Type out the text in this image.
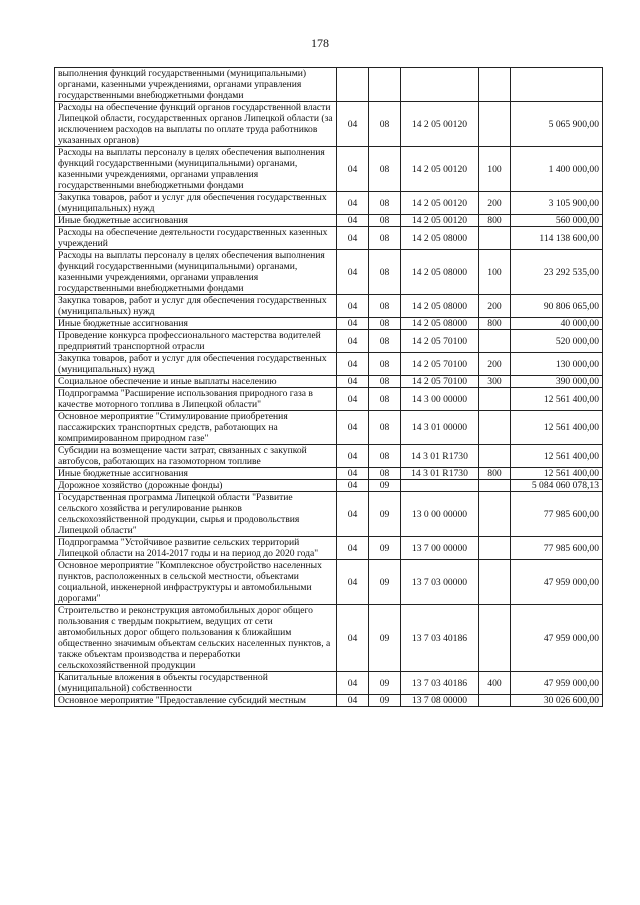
178
выполнения функций государственными (муниципальными) органами, казенными учреждениями, органами управления государственными внебюджетными фондами					
Расходы на обеспечение функций органов государственной власти Липецкой области, государственных органов Липецкой области (за исключением расходов на выплаты по оплате труда работников указанных органов)	04	08	14 2 05 00120		5 065 900,00
Расходы на выплаты персоналу в целях обеспечения выполнения функций государственными (муниципальными) органами, казенными учреждениями, органами управления государственными внебюджетными фондами	04	08	14 2 05 00120	100	1 400 000,00
Закупка товаров, работ и услуг для обеспечения государственных (муниципальных) нужд	04	08	14 2 05 00120	200	3 105 900,00
Иные бюджетные ассигнования	04	08	14 2 05 00120	800	560 000,00
Расходы на обеспечение деятельности государственных казенных учреждений	04	08	14 2 05 08000		114 138 600,00
Расходы на выплаты персоналу в целях обеспечения выполнения функций государственными (муниципальными) органами, казенными учреждениями, органами управления государственными внебюджетными фондами	04	08	14 2 05 08000	100	23 292 535,00
Закупка товаров, работ и услуг для обеспечения государственных (муниципальных) нужд	04	08	14 2 05 08000	200	90 806 065,00
Иные бюджетные ассигнования	04	08	14 2 05 08000	800	40 000,00
Проведение конкурса профессионального мастерства водителей предприятий транспортной отрасли	04	08	14 2 05 70100		520 000,00
Закупка товаров, работ и услуг для обеспечения государственных (муниципальных) нужд	04	08	14 2 05 70100	200	130 000,00
Социальное обеспечение и иные выплаты населению	04	08	14 2 05 70100	300	390 000,00
Подпрограмма "Расширение использования природного газа в качестве моторного топлива в Липецкой области"	04	08	14 3 00 00000		12 561 400,00
Основное мероприятие "Стимулирование приобретения пассажирских транспортных средств, работающих на компримированном природном газе"	04	08	14 3 01 00000		12 561 400,00
Субсидии на возмещение части затрат, связанных с закупкой автобусов, работающих на газомоторном топливе	04	08	14 3 01 R1730		12 561 400,00
Иные бюджетные ассигнования	04	08	14 3 01 R1730	800	12 561 400,00
Дорожное хозяйство (дорожные фонды)	04	09			5 084 060 078,13
Государственная программа Липецкой области "Развитие сельского хозяйства и регулирование рынков сельскохозяйственной продукции, сырья и продовольствия Липецкой области"	04	09	13 0 00 00000		77 985 600,00
Подпрограмма "Устойчивое развитие сельских территорий Липецкой области на 2014-2017 годы и на период до 2020 года"	04	09	13 7 00 00000		77 985 600,00
Основное мероприятие "Комплексное обустройство населенных пунктов, расположенных в сельской местности, объектами социальной, инженерной инфраструктуры и автомобильными дорогами"	04	09	13 7 03 00000		47 959 000,00
Строительство и реконструкция автомобильных дорог общего пользования с твердым покрытием, ведущих от сети автомобильных дорог общего пользования к ближайшим общественно значимым объектам сельских населенных пунктов, а также объектам производства и переработки сельскохозяйственной продукции	04	09	13 7 03 40186		47 959 000,00
Капитальные вложения в объекты государственной (муниципальной) собственности	04	09	13 7 03 40186	400	47 959 000,00
Основное мероприятие "Предоставление субсидий местным	04	09	13 7 08 00000		30 026 600,00
